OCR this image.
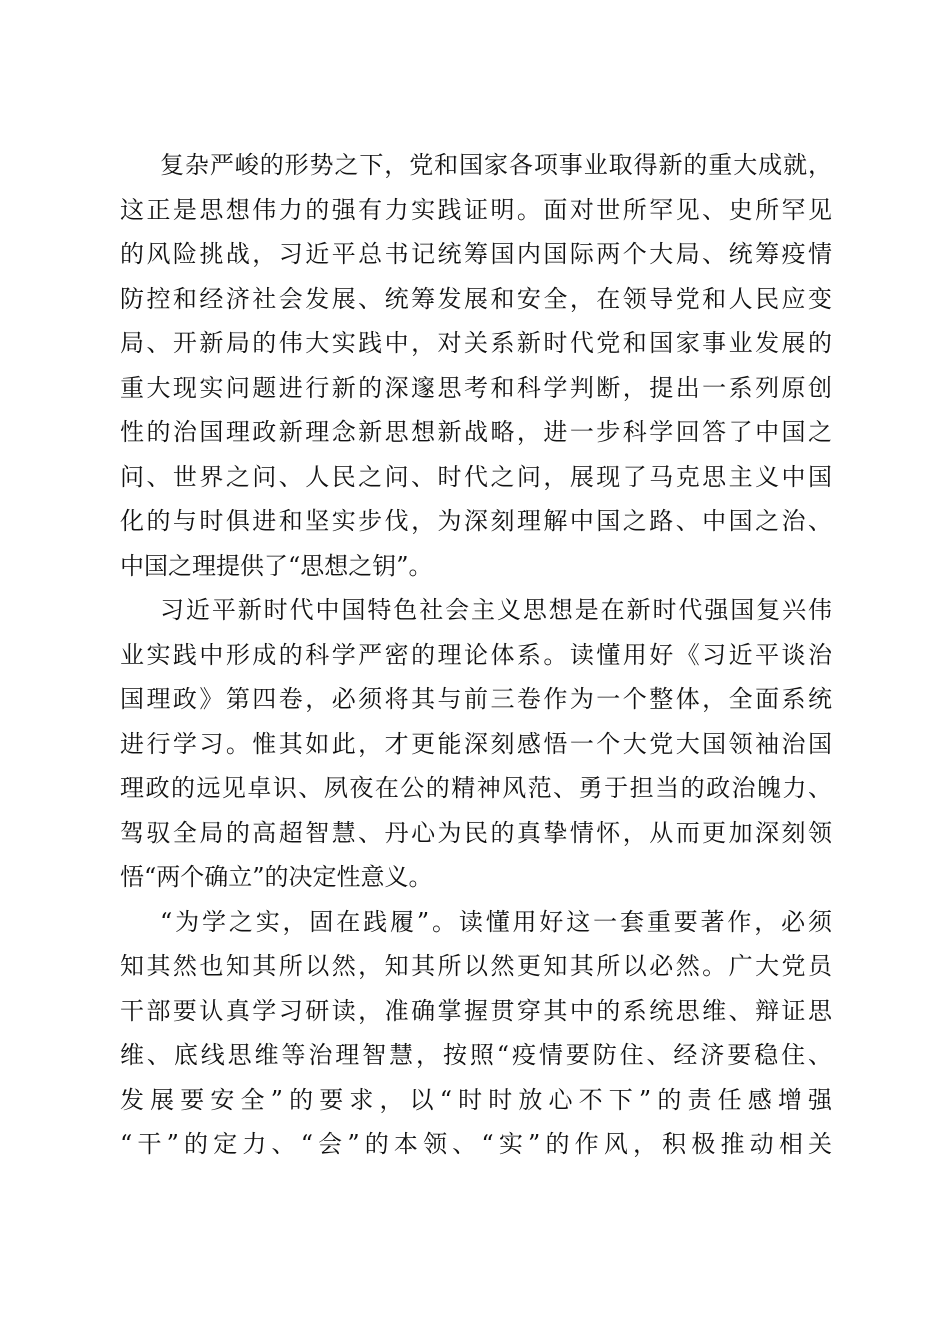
复杂严峻的形势之下，党和国家各项事业取得新的重大成就，
这正是思想伟力的强有力实践证明。面对世所罕见、史所罕见
的风险挑战，习近平总书记统筹国内国际两个大局、统筹疫情
防控和经济社会发展、统筹发展和安全，在领导党和人民应变
局、开新局的伟大实践中，对关系新时代党和国家事业发展的
重大现实问题进行新的深邃思考和科学判断，提出一系列原创
性的治国理政新理念新思想新战略，进一步科学回答了中国之
问、世界之问、人民之问、时代之问，展现了马克思主义中国
化的与时俱进和坚实步伐，为深刻理解中国之路、中国之治、
中国之理提供了“思想之钥”。
习近平新时代中国特色社会主义思想是在新时代强国复兴伟
业实践中形成的科学严密的理论体系。读懂用好《习近平谈治
国理政》第四卷，必须将其与前三卷作为一个整体，全面系统
进行学习。惟其如此，才更能深刻感悟一个大党大国领袖治国
理政的远见卓识、夙夜在公的精神风范、勇于担当的政治魄力、
驾驭全局的高超智慧、丹心为民的真挚情怀，从而更加深刻领
悟“两个确立”的决定性意义。
“为学之实，固在践履”。读懂用好这一套重要著作，必须
知其然也知其所以然，知其所以然更知其所以必然。广大党员
干部要认真学习研读，准确掌握贯穿其中的系统思维、辩证思
维、底线思维等治理智慧，按照“疫情要防住、经济要稳住、
发展要安全”的要求，以“时时放心不下”的责任感增强
“干”的定力、“会”的本领、“实”的作风，积极推动相关
